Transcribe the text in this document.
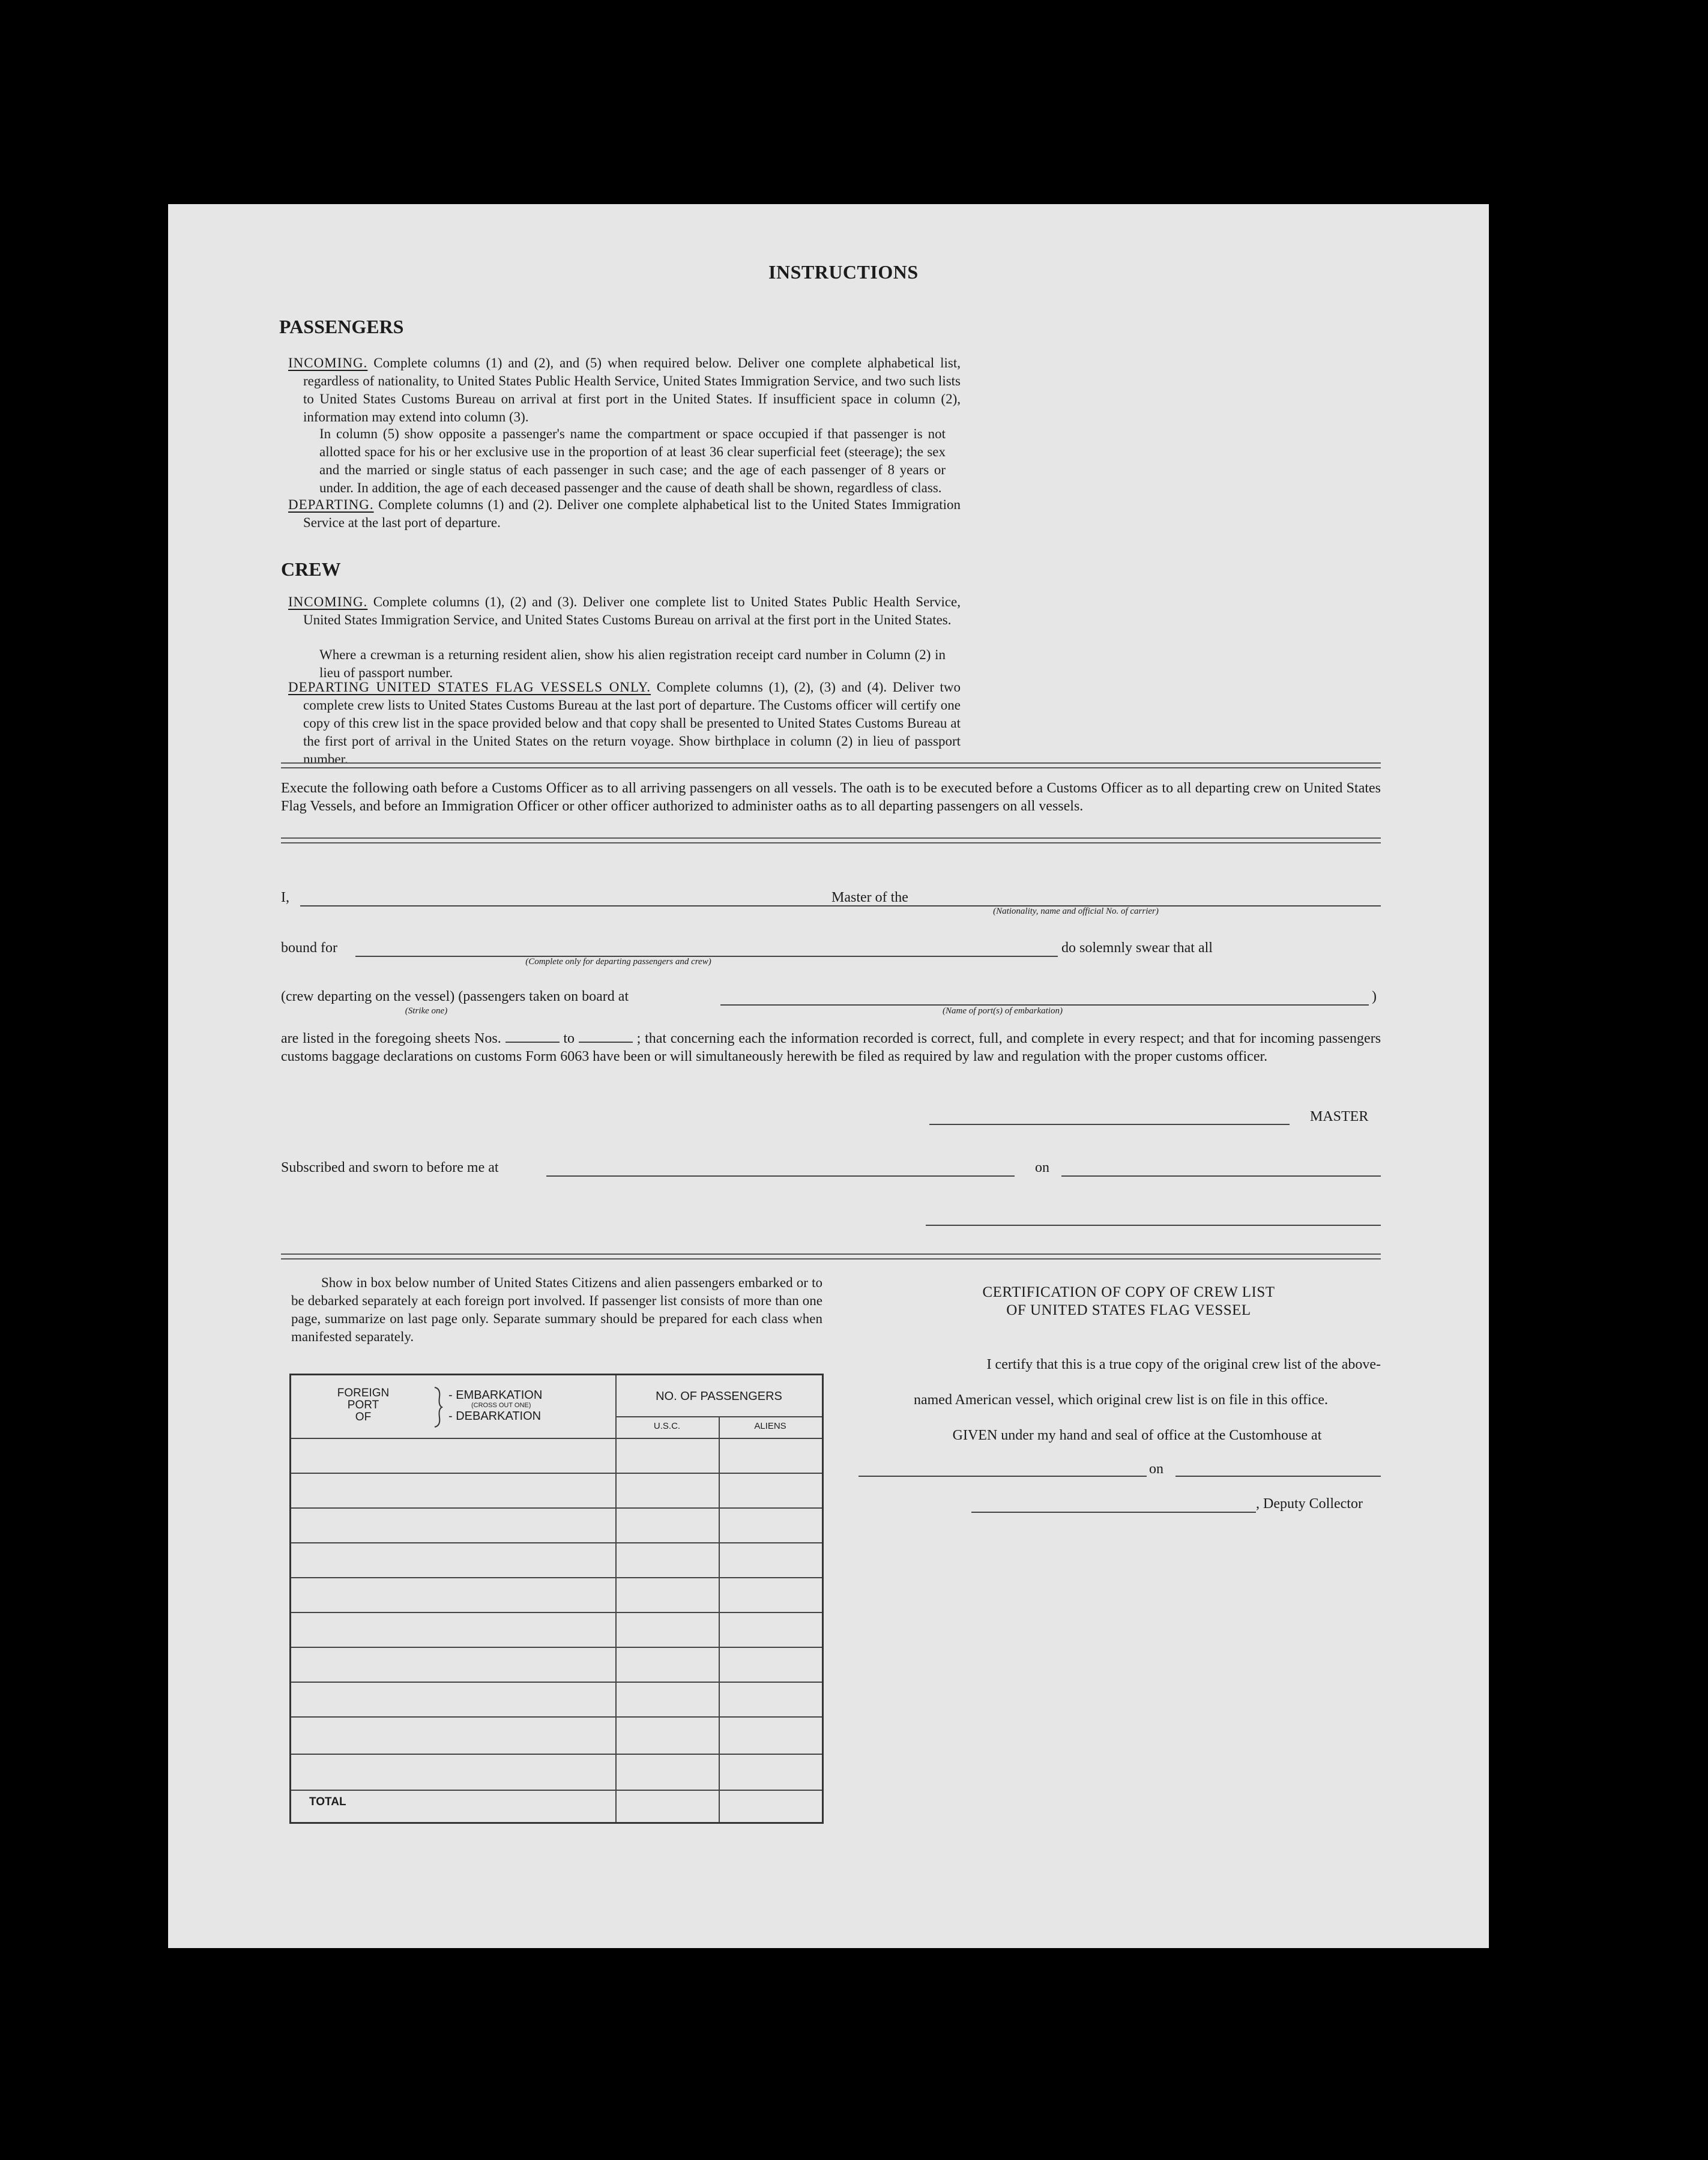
INSTRUCTIONS
PASSENGERS
INCOMING. Complete columns (1) and (2), and (5) when required below. Deliver one complete alphabetical list, regardless of nationality, to United States Public Health Service, United States Immigration Service, and two such lists to United States Customs Bureau on arrival at first port in the United States. If insufficient space in column (2), information may extend into column (3).
In column (5) show opposite a passenger's name the compartment or space occupied if that passenger is not allotted space for his or her exclusive use in the proportion of at least 36 clear superficial feet (steerage); the sex and the married or single status of each passenger in such case; and the age of each passenger of 8 years or under. In addition, the age of each deceased passenger and the cause of death shall be shown, regardless of class.
DEPARTING. Complete columns (1) and (2). Deliver one complete alphabetical list to the United States Immigration Service at the last port of departure.
CREW
INCOMING. Complete columns (1), (2) and (3). Deliver one complete list to United States Public Health Service, United States Immigration Service, and United States Customs Bureau on arrival at the first port in the United States.
Where a crewman is a returning resident alien, show his alien registration receipt card number in Column (2) in lieu of passport number.
DEPARTING UNITED STATES FLAG VESSELS ONLY. Complete columns (1), (2), (3) and (4). Deliver two complete crew lists to United States Customs Bureau at the last port of departure. The Customs officer will certify one copy of this crew list in the space provided below and that copy shall be presented to United States Customs Bureau at the first port of arrival in the United States on the return voyage. Show birthplace in column (2) in lieu of passport number.
Execute the following oath before a Customs Officer as to all arriving passengers on all vessels. The oath is to be executed before a Customs Officer as to all departing crew on United States Flag Vessels, and before an Immigration Officer or other officer authorized to administer oaths as to all departing passengers on all vessels.
I,	Master of the
(Nationality, name and official No. of carrier)
bound for
(Complete only for departing passengers and crew)
do solemnly swear that all
(crew departing on the vessel) (passengers taken on board at
(Strike one)	(Name of port(s) of embarkation)
)
are listed in the foregoing sheets Nos.	to	; that concerning each the information recorded is correct, full, and complete in every respect; and that for incoming passengers customs baggage declarations on customs Form 6063 have been or will simultaneously herewith be filed as required by law and regulation with the proper customs officer.
MASTER
Subscribed and sworn to before me at	on
Show in box below number of United States Citizens and alien passengers embarked or to be debarked separately at each foreign port involved. If passenger list consists of more than one page, summarize on last page only. Separate summary should be prepared for each class when manifested separately.
FOREIGN
PORT
OF
- EMBARKATION
(CROSS OUT ONE)
- DEBARKATION
NO. OF PASSENGERS
U.S.C.	ALIENS
TOTAL
CERTIFICATION OF COPY OF CREW LIST
OF UNITED STATES FLAG VESSEL
I certify that this is a true copy of the original crew list of the above-
named American vessel, which original crew list is on file in this office.
GIVEN under my hand and seal of office at the Customhouse at
on
, Deputy Collector
